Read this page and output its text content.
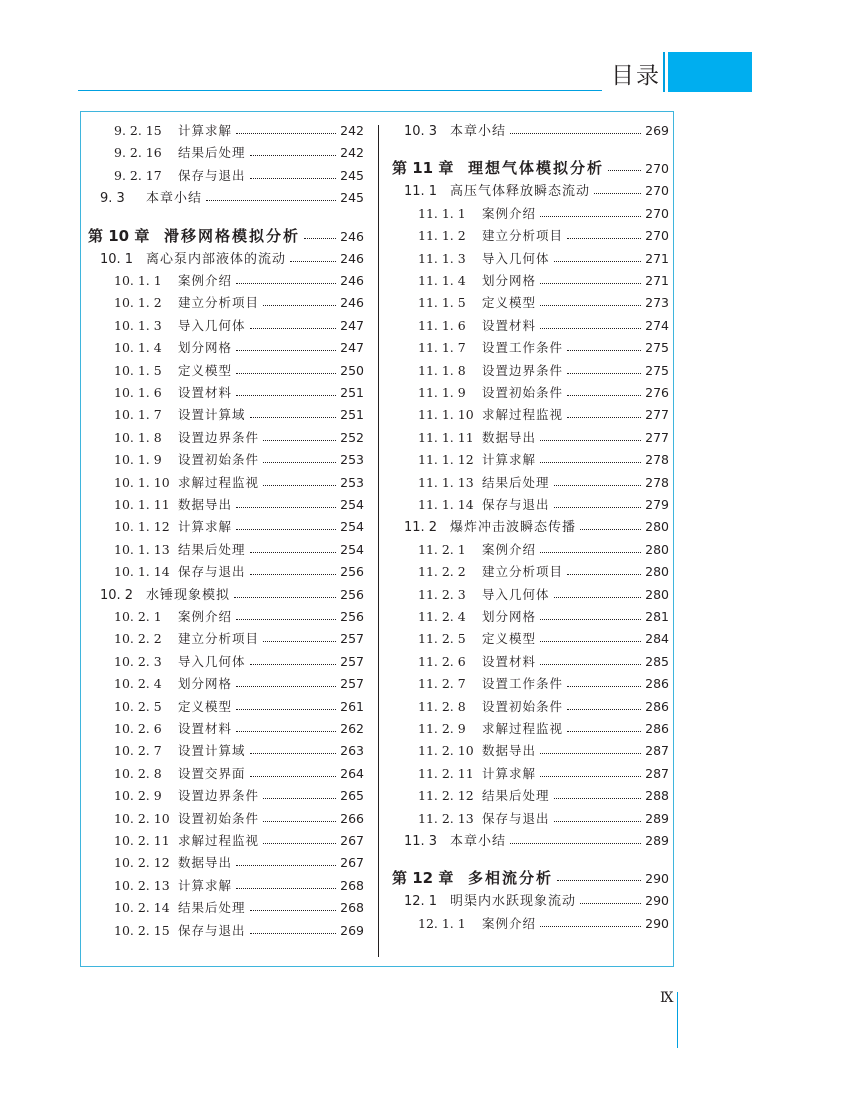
目录
9. 2. 15	计算求解	242
9. 2. 16	结果后处理	242
9. 2. 17	保存与退出	245
9. 3	本章小结	245
第 10 章 滑移网格模拟分析	246
10. 1 离心泵内部液体的流动	246
10. 1. 1	案例介绍	246
10. 1. 2	建立分析项目	246
10. 1. 3	导入几何体	247
10. 1. 4	划分网格	247
10. 1. 5	定义模型	250
10. 1. 6	设置材料	251
10. 1. 7	设置计算域	251
10. 1. 8	设置边界条件	252
10. 1. 9	设置初始条件	253
10. 1. 10 求解过程监视	253
10. 1. 11 数据导出	254
10. 1. 12 计算求解	254
10. 1. 13 结果后处理	254
10. 1. 14 保存与退出	256
10. 2 水锤现象模拟	256
10. 2. 1	案例介绍	256
10. 2. 2	建立分析项目	257
10. 2. 3	导入几何体	257
10. 2. 4	划分网格	257
10. 2. 5	定义模型	261
10. 2. 6	设置材料	262
10. 2. 7	设置计算域	263
10. 2. 8	设置交界面	264
10. 2. 9	设置边界条件	265
10. 2. 10 设置初始条件	266
10. 2. 11 求解过程监视	267
10. 2. 12 数据导出	267
10. 2. 13 计算求解	268
10. 2. 14 结果后处理	268
10. 2. 15 保存与退出	269
10. 3 本章小结	269
第 11 章 理想气体模拟分析	270
11. 1 高压气体释放瞬态流动	270
11. 1. 1	案例介绍	270
11. 1. 2	建立分析项目	270
11. 1. 3	导入几何体	271
11. 1. 4	划分网格	271
11. 1. 5	定义模型	273
11. 1. 6	设置材料	274
11. 1. 7	设置工作条件	275
11. 1. 8	设置边界条件	275
11. 1. 9	设置初始条件	276
11. 1. 10 求解过程监视	277
11. 1. 11 数据导出	277
11. 1. 12 计算求解	278
11. 1. 13 结果后处理	278
11. 1. 14 保存与退出	279
11. 2 爆炸冲击波瞬态传播	280
11. 2. 1	案例介绍	280
11. 2. 2	建立分析项目	280
11. 2. 3	导入几何体	280
11. 2. 4	划分网格	281
11. 2. 5	定义模型	284
11. 2. 6	设置材料	285
11. 2. 7	设置工作条件	286
11. 2. 8	设置初始条件	286
11. 2. 9	求解过程监视	286
11. 2. 10 数据导出	287
11. 2. 11 计算求解	287
11. 2. 12 结果后处理	288
11. 2. 13 保存与退出	289
11. 3 本章小结	289
第 12 章 多相流分析	290
12. 1 明渠内水跃现象流动	290
12. 1. 1	案例介绍	290
Ⅸ
